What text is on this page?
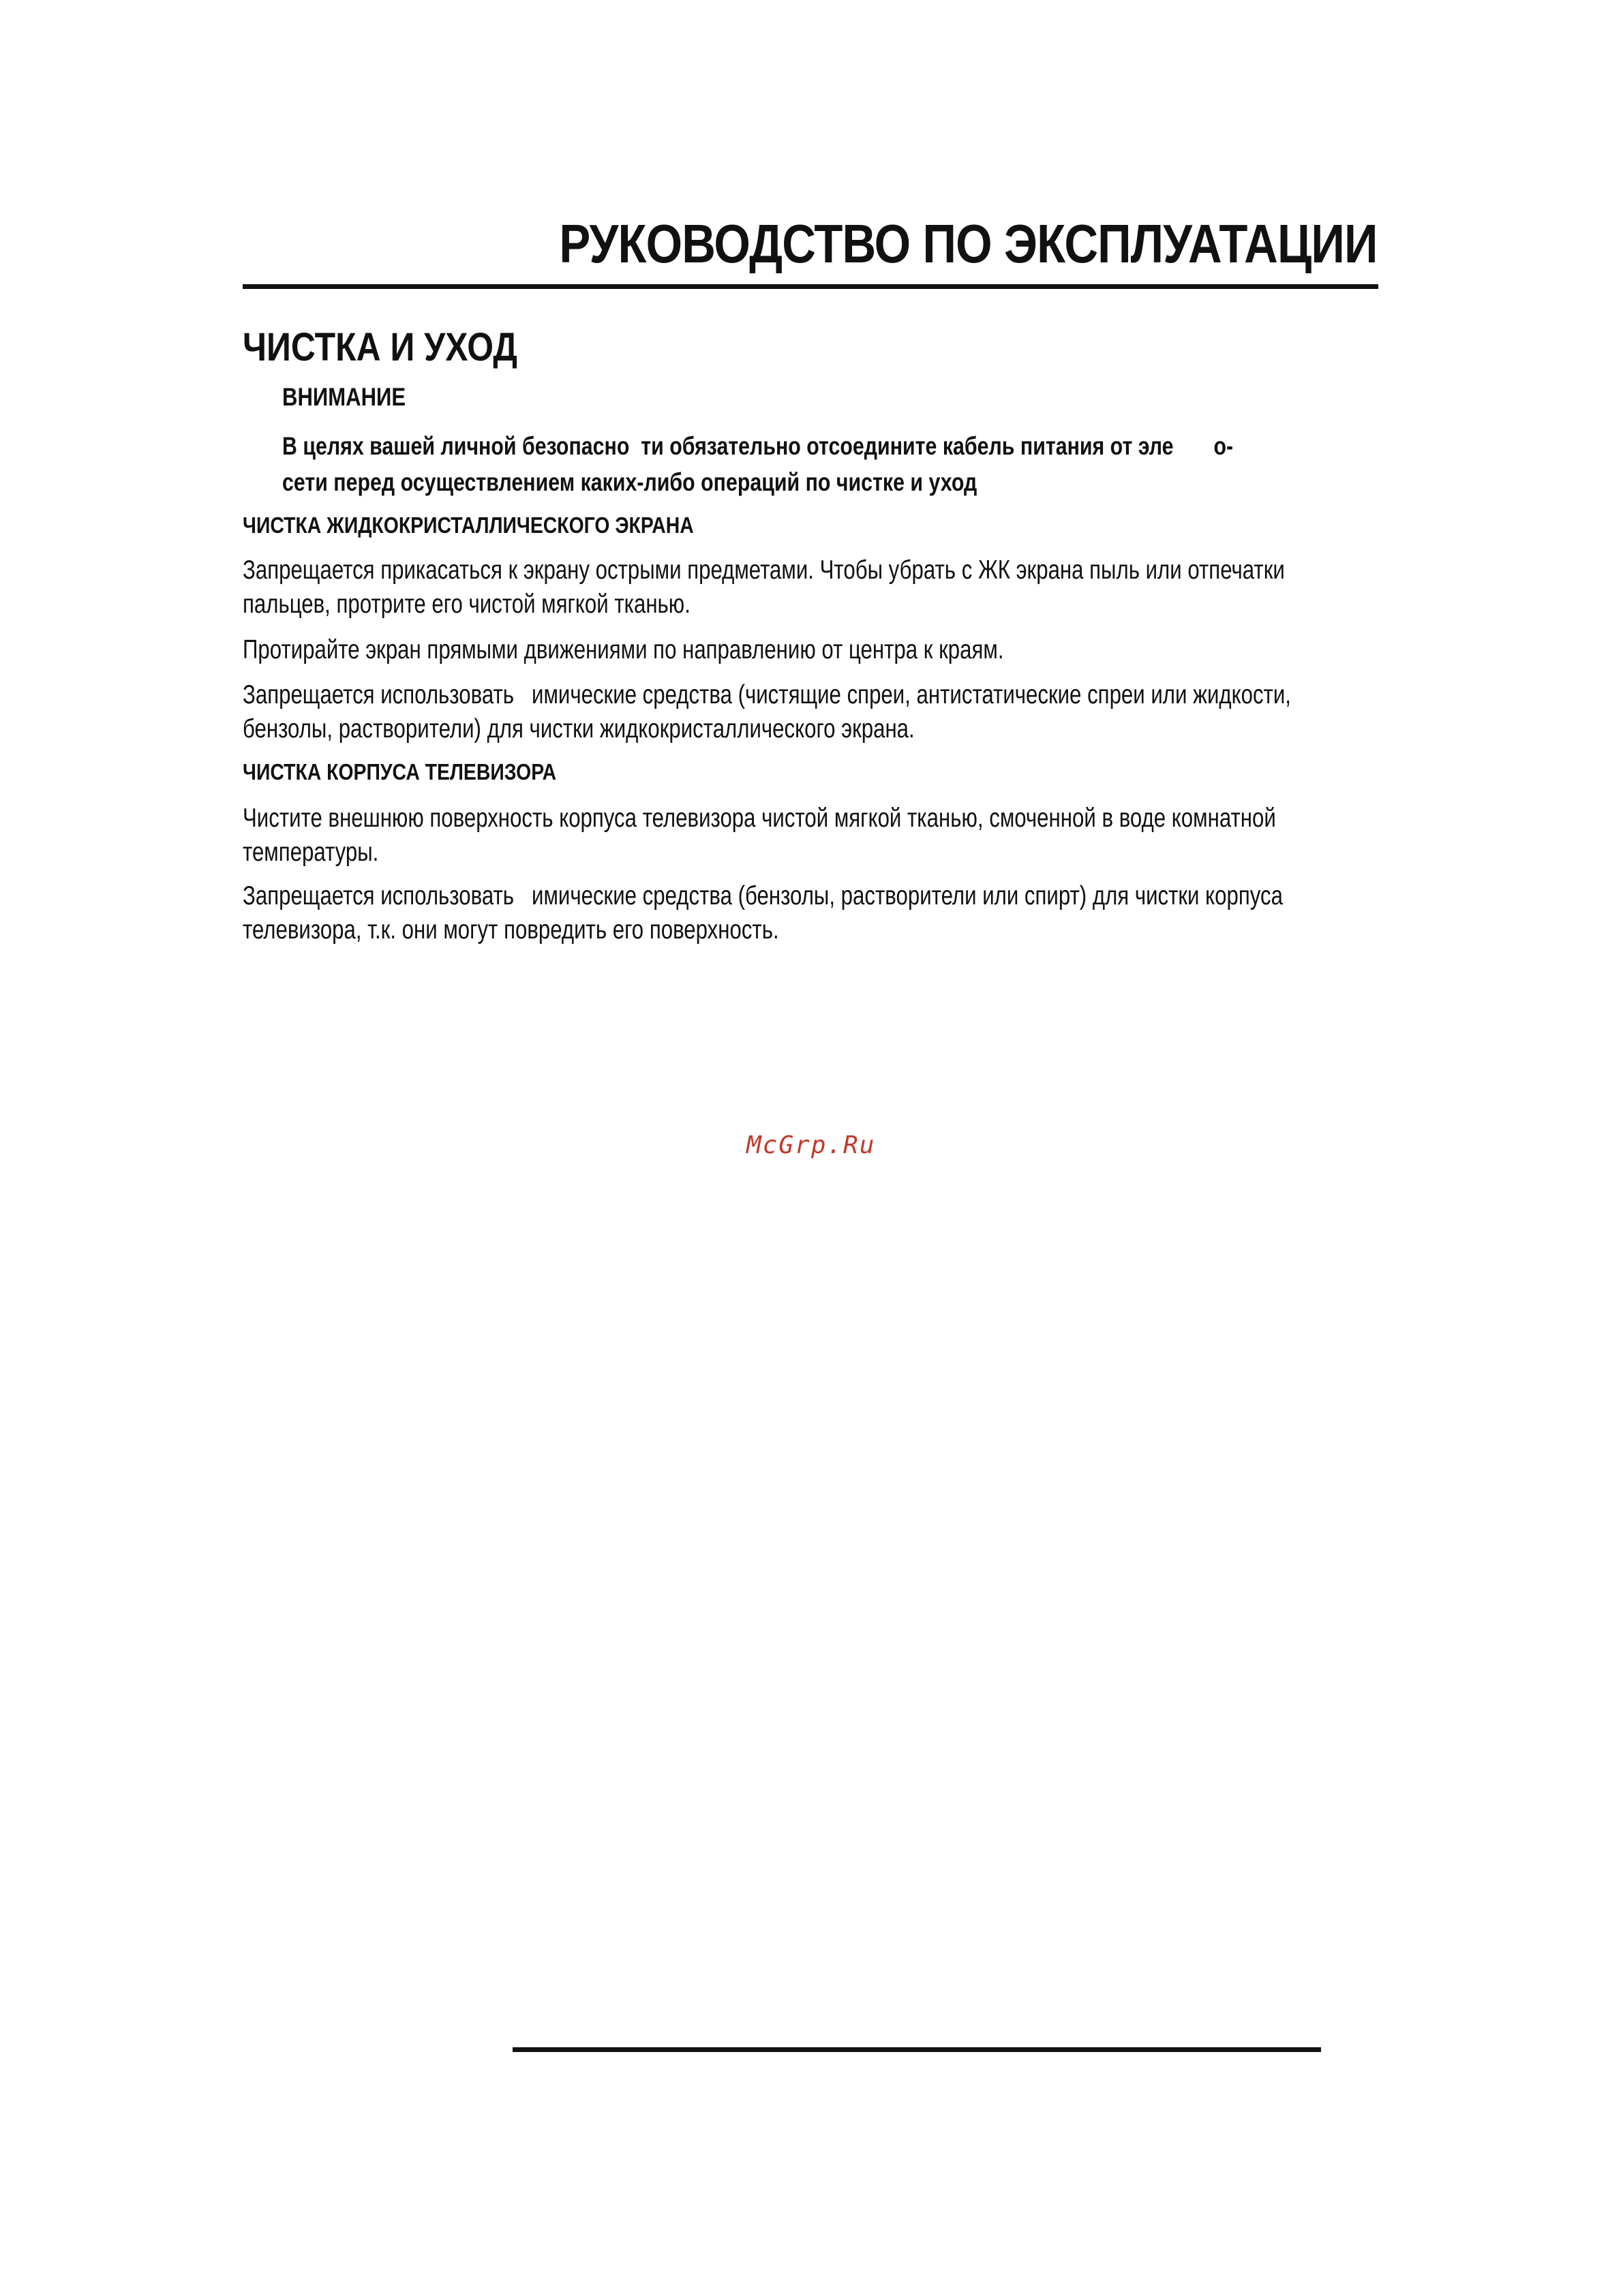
РУКОВОДСТВО ПО ЭКСПЛУАТАЦИИ
ЧИСТКА И УХОД
ВНИМАНИЕ
В целях вашей личной безопасно  ти обязательно отсоедините кабель питания от эле       о-
сети перед осуществлением каких-либо операций по чистке и уход
ЧИСТКА ЖИДКОКРИСТАЛЛИЧЕСКОГО ЭКРАНА
Запрещается прикасаться к экрану острыми предметами. Чтобы убрать с ЖК экрана пыль или отпечатки
пальцев, протрите его чистой мягкой тканью.
Протирайте экран прямыми движениями по направлению от центра к краям.
Запрещается использовать   имические средства (чистящие спреи, антистатические спреи или жидкости,
бензолы, растворители) для чистки жидкокристаллического экрана.
ЧИСТКА КОРПУСА ТЕЛЕВИЗОРА
Чистите внешнюю поверхность корпуса телевизора чистой мягкой тканью, смоченной в воде комнатной
температуры.
Запрещается использовать   имические средства (бензолы, растворители или спирт) для чистки корпуса
телевизора, т.к. они могут повредить его поверхность.
McGrp.Ru
